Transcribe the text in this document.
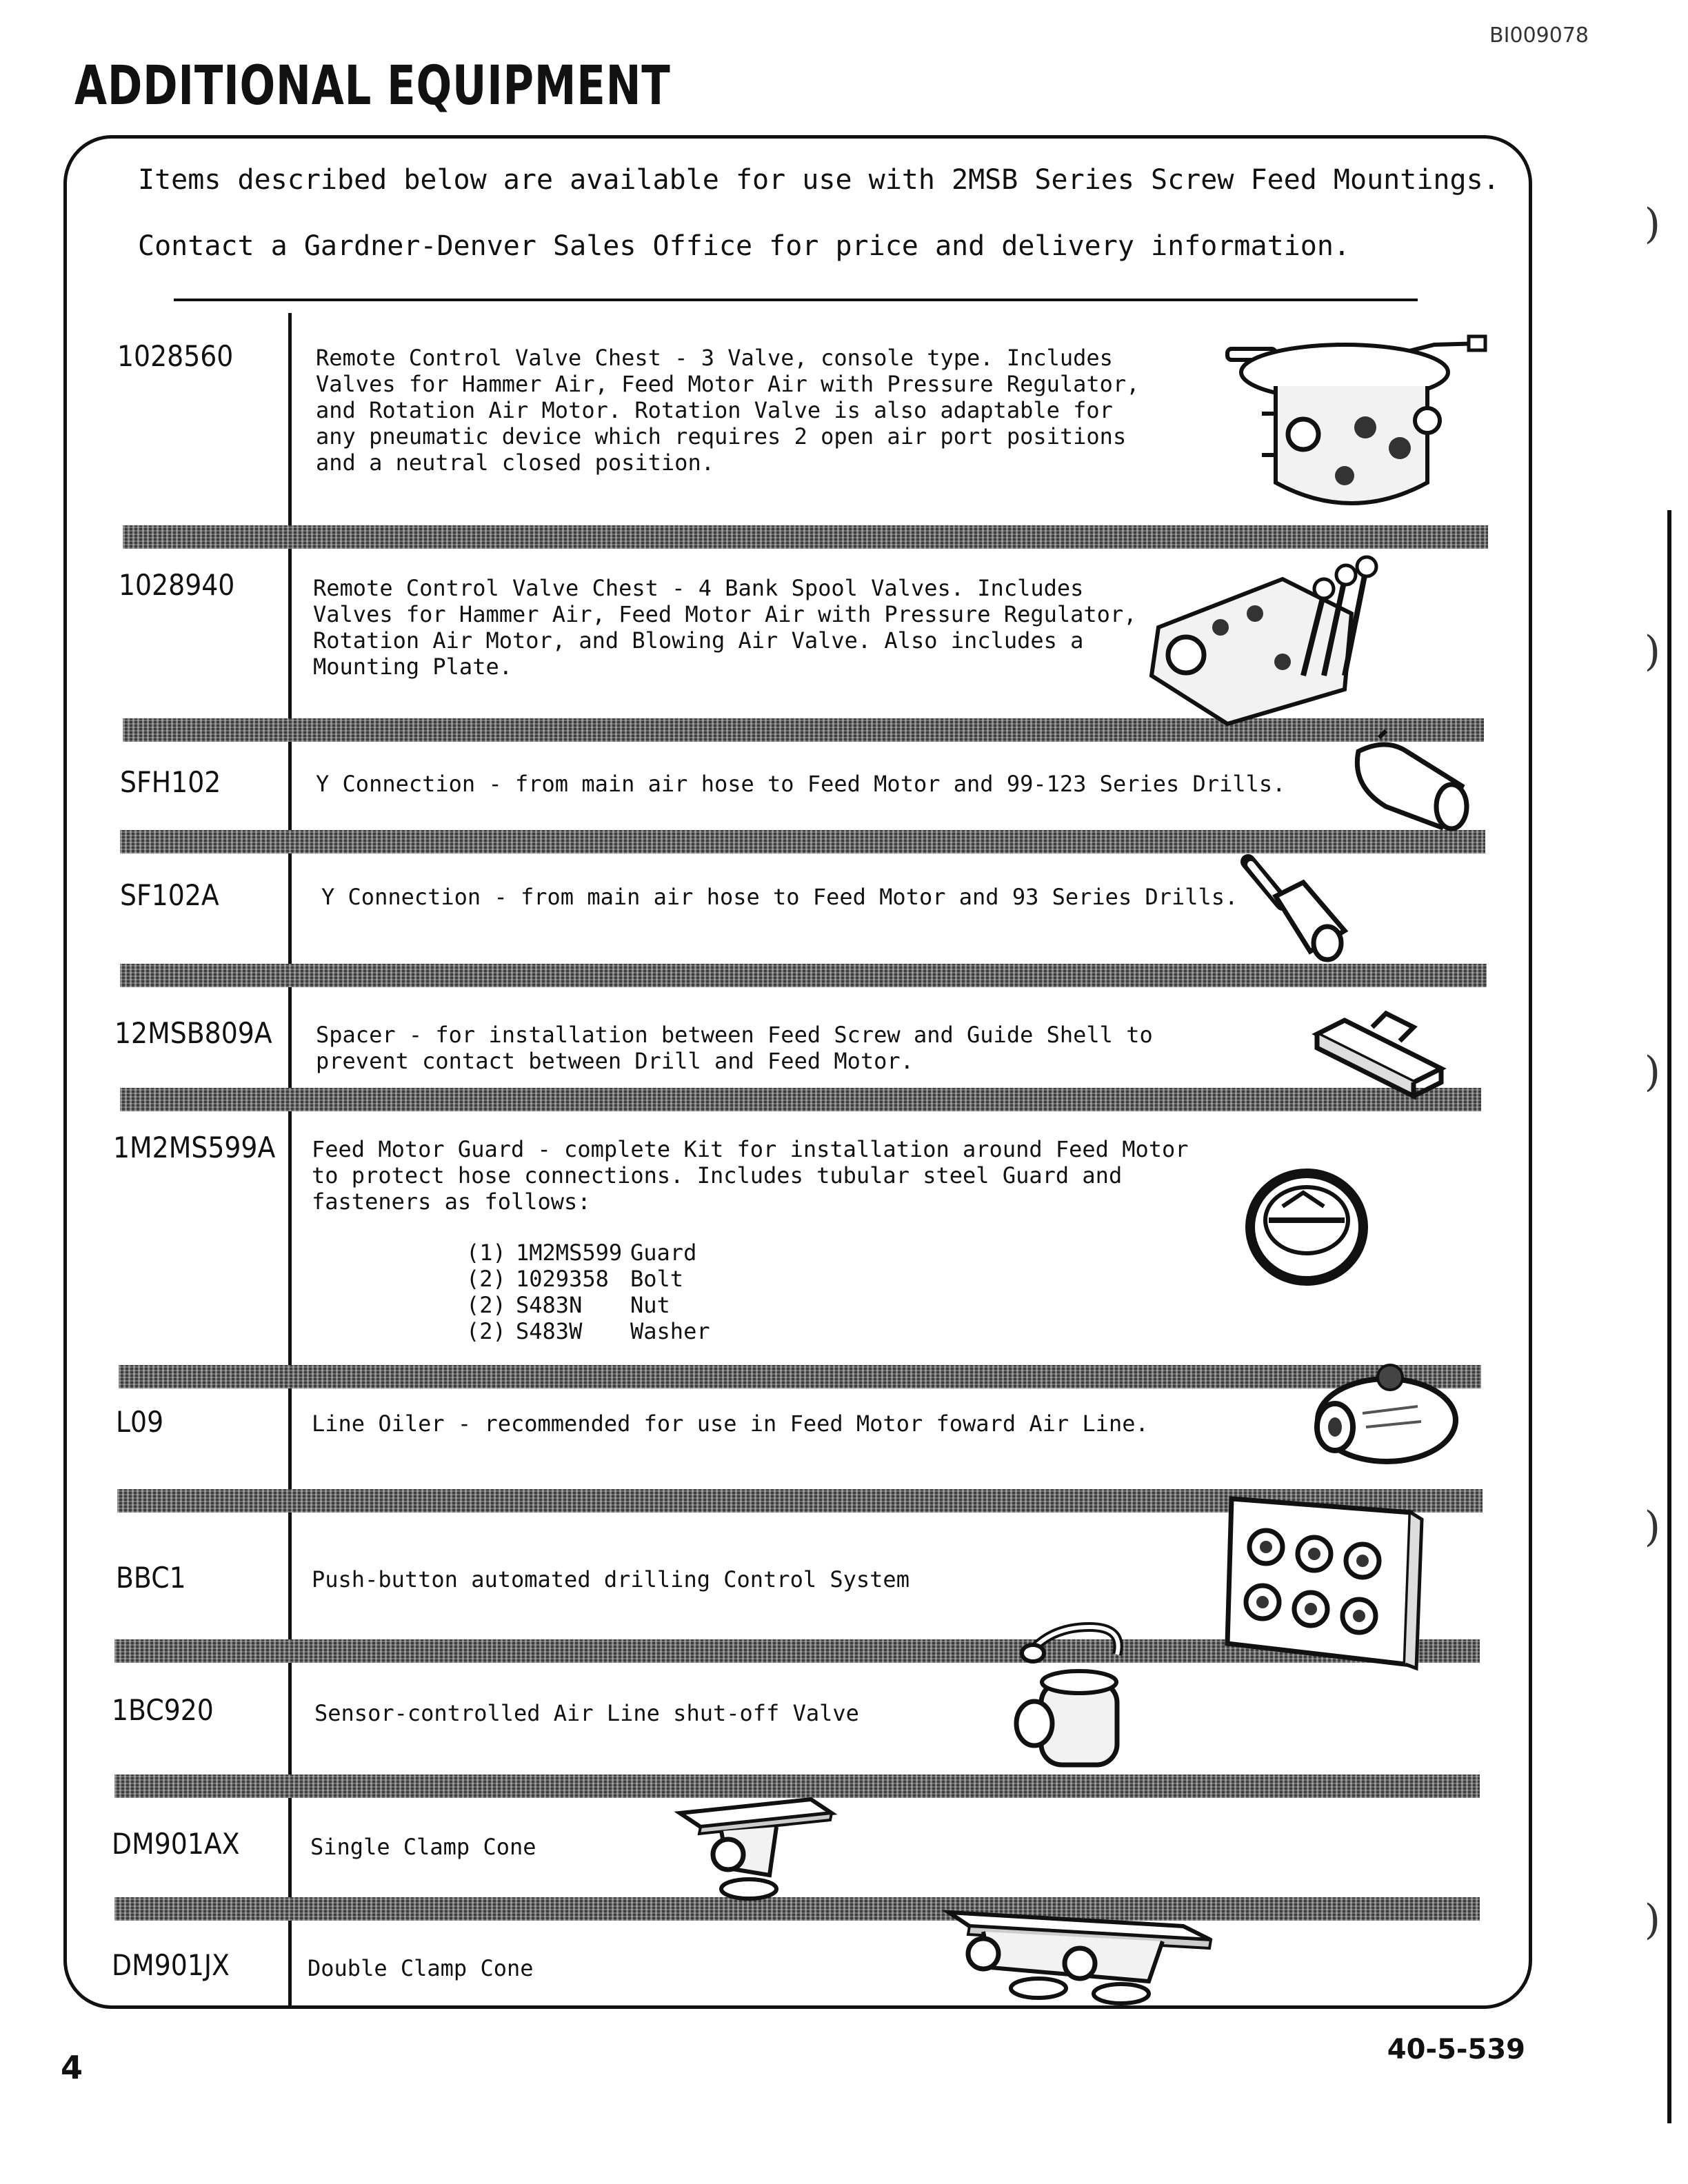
BI009078
ADDITIONAL EQUIPMENT
Items described below are available for use with 2MSB Series Screw Feed Mountings.
Contact a Gardner-Denver Sales Office for price and delivery information.
1028560	Remote Control Valve Chest - 3 Valve, console type. Includes
Valves for Hammer Air, Feed Motor Air with Pressure Regulator,
and Rotation Air Motor. Rotation Valve is also adaptable for
any pneumatic device which requires 2 open air port positions
and a neutral closed position.
1028940	Remote Control Valve Chest - 4 Bank Spool Valves. Includes
Valves for Hammer Air, Feed Motor Air with Pressure Regulator,
Rotation Air Motor, and Blowing Air Valve. Also includes a
Mounting Plate.
SFH102	Y Connection - from main air hose to Feed Motor and 99-123 Series Drills.
SF102A	Y Connection - from main air hose to Feed Motor and 93 Series Drills.
12MSB809A Spacer - for installation between Feed Screw and Guide Shell to
prevent contact between Drill and Feed Motor.
1M2MS599A Feed Motor Guard - complete Kit for installation around Feed Motor
to protect hose connections. Includes tubular steel Guard and
fasteners as follows:
(1) 1M2MS599 Guard
(2) 1029358 Bolt
(2) S483N	Nut
(2) S483W	Washer
L09	Line Oiler - recommended for use in Feed Motor foward Air Line.
BBC1	Push-button automated drilling Control System
1BC920	Sensor-controlled Air Line shut-off Valve
DM901AX	Single Clamp Cone
DM901JX	Double Clamp Cone
)
)
)
)
)
4	40-5-539
